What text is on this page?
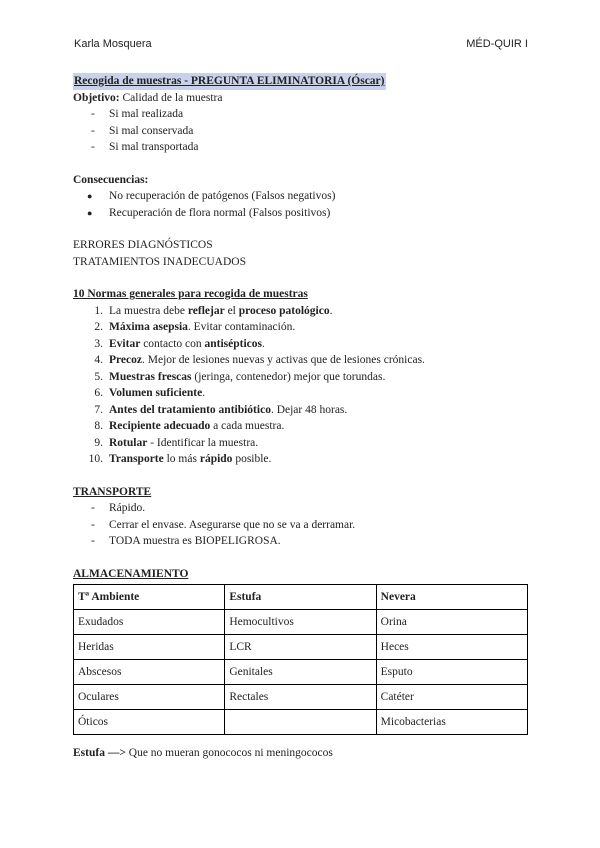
Karla Mosquera	MÉD-QUIR I
Recogida de muestras - PREGUNTA ELIMINATORIA (Óscar)

Objetivo: Calidad de la muestra

- Si mal realizada
- Si mal conservada
- Si mal transportada

Consecuencias:

● No recuperación de patógenos (Falsos negativos)
● Recuperación de flora normal (Falsos positivos)

ERRORES DIAGNÓSTICOS

TRATAMIENTOS INADECUADOS

10 Normas generales para recogida de muestras

1. La muestra debe reflejar el proceso patológico.
2. Máxima asepsia. Evitar contaminación.
3. Evitar contacto con antisépticos.
4. Precoz. Mejor de lesiones nuevas y activas que de lesiones crónicas.
5. Muestras frescas (jeringa, contenedor) mejor que torundas.
6. Volumen suficiente.
7. Antes del tratamiento antibiótico. Dejar 48 horas.
8. Recipiente adecuado a cada muestra.
9. Rotular - Identificar la muestra.
10. Transporte lo más rápido posible.

TRANSPORTE

- Rápido.
- Cerrar el envase. Asegurarse que no se va a derramar.
- TODA muestra es BIOPELIGROSA.

ALMACENAMIENTO

Tª Ambiente	Estufa	Nevera
Exudados	Hemocultivos	Orina
Heridas	LCR	Heces
Abscesos	Genitales	Esputo
Oculares	Rectales	Catéter
Óticos		Micobacterias

Estufa —> Que no mueran gonococos ni meningococos
